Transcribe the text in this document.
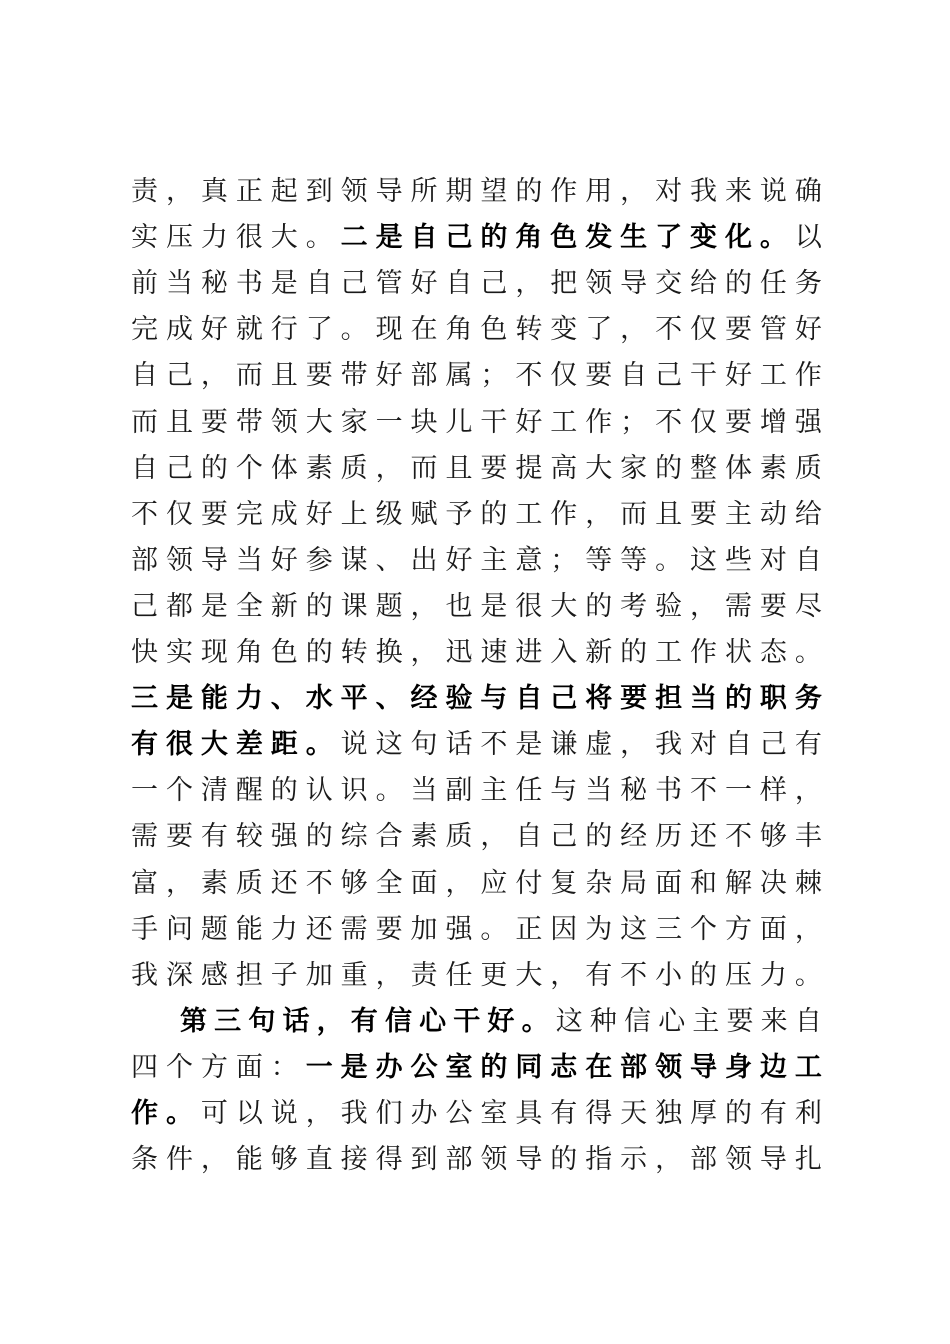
责 ， 真 正 起 到 领 导 所 期 望 的 作 用 ， 对 我 来 说 确
实 压 力 很 大 。 二 是 自 己 的 角 色 发 生 了 变 化 。 以
前 当 秘 书 是 自 己 管 好 自 己 ， 把 领 导 交 给 的 任 务
完 成 好 就 行 了 。 现 在 角 色 转 变 了 ， 不 仅 要 管 好
自 己 ， 而 且 要 带 好 部 属 ； 不 仅 要 自 己 干 好 工 作
而 且 要 带 领 大 家 一 块 儿 干 好 工 作 ； 不 仅 要 增 强
自 己 的 个 体 素 质 ， 而 且 要 提 高 大 家 的 整 体 素 质
不 仅 要 完 成 好 上 级 赋 予 的 工 作 ， 而 且 要 主 动 给
部 领 导 当 好 参 谋 、 出 好 主 意 ； 等 等 。 这 些 对 自
己 都 是 全 新 的 课 题 ， 也 是 很 大 的 考 验 ， 需 要 尽
快 实 现 角 色 的 转 换 ， 迅 速 进 入 新 的 工 作 状 态 。
三 是 能 力 、 水 平 、 经 验 与 自 己 将 要 担 当 的 职 务
有 很 大 差 距 。 说 这 句 话 不 是 谦 虚 ， 我 对 自 己 有
一 个 清 醒 的 认 识 。 当 副 主 任 与 当 秘 书 不 一 样 ，
需 要 有 较 强 的 综 合 素 质 ， 自 己 的 经 历 还 不 够 丰
富 ， 素 质 还 不 够 全 面 ， 应 付 复 杂 局 面 和 解 决 棘
手 问 题 能 力 还 需 要 加 强 。 正 因 为 这 三 个 方 面 ，
我 深 感 担 子 加 重 ， 责 任 更 大 ， 有 不 小 的 压 力 。
第 三 句 话 ， 有 信 心 干 好 。 这 种 信 心 主 要 来 自
四 个 方 面 ： 一 是 办 公 室 的 同 志 在 部 领 导 身 边 工
作 。 可 以 说 ， 我 们 办 公 室 具 有 得 天 独 厚 的 有 利
条 件 ， 能 够 直 接 得 到 部 领 导 的 指 示 ， 部 领 导 扎
